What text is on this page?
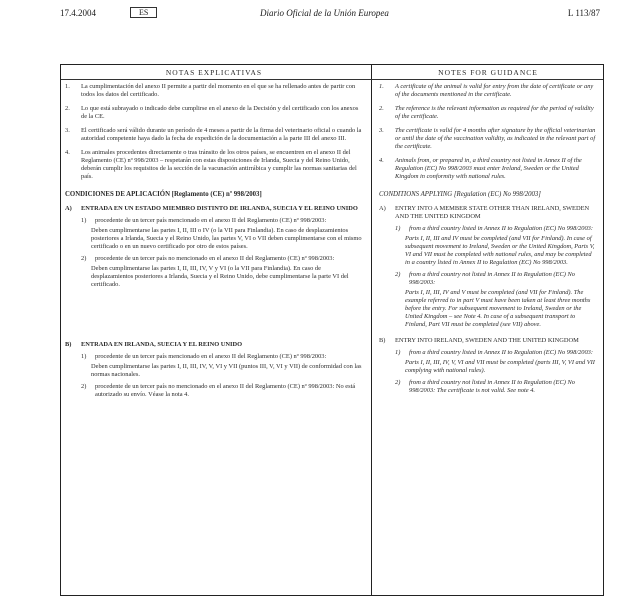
17.4.2004	ES	Diario Oficial de la Unión Europea	L 113/87
NOTAS EXPLICATIVAS
1. La cumplimentación del anexo II permite a partir del momento en el que se ha rellenado antes de partir con todos los datos del certificado.
2. Lo que está subrayado o indicado debe cumplirse en el anexo de la Decisión y del certificado con los anexos de la CE.
3. El certificado será válido durante un período de 4 meses a partir de la firma del veterinario oficial o cuando la autoridad competente haya dado la fecha de expedición de la documentación a la parte III del anexo III.
4. Los animales procedentes directamente o tras tránsito de los otros países, se encuentren en el anexo II del Reglamento (CE) nº 998/2003 – respetarán con estas disposiciones de Irlanda, Suecia y del Reino Unido, deberán cumplir los requisitos de la sección de la vacunación antirrábica y cumplir las normas sanitarias del país.
CONDICIONES DE APLICACIÓN [Reglamento (CE) nº 998/2003]
A) ENTRADA EN UN ESTADO MIEMBRO DISTINTO DE IRLANDA, SUECIA Y EL REINO UNIDO
1) procedente de un tercer país mencionado en el anexo II del Reglamento (CE) nº 998/2003:
Deben cumplimentarse las partes I, II, III o IV (o la VII para Finlandia). En caso de desplazamientos posteriores a Irlanda, Suecia y el Reino Unido, las partes V, VI o VII deben cumplimentarse con el mismo certificado o en un nuevo certificado por otro de estos países.
2) procedente de un tercer país no mencionado en el anexo II del Reglamento (CE) nº 998/2003:
Deben cumplimentarse las partes I, II, III, IV, V y VI (o la VII para Finlandia). En caso de desplazamientos posteriores a Irlanda, Suecia y el Reino Unido, debe cumplimentarse la parte VI del certificado.
B) ENTRADA EN IRLANDA, SUECIA Y EL REINO UNIDO
1) procedente de un tercer país mencionado en el anexo II del Reglamento (CE) nº 998/2003:
Deben cumplimentarse las partes I, II, III, IV, V, VI y VII (puntos III, V, VI y VII) de conformidad con las normas nacionales.
2) procedente de un tercer país no mencionado en el anexo II del Reglamento (CE) nº 998/2003: No está autorizado su envío. Véase la nota 4.
NOTES FOR GUIDANCE
1. A certificate of the animal is valid for entry from the date of certificate or any of the documents mentioned in the certificate.
2. The reference is the relevant information as required for the period of validity of the certificate.
3. The certificate is valid for 4 months after signature by the official veterinarian or until the date of the vaccination validity, as indicated in the relevant part of the certificate.
4. Animals from, or prepared in, a third country not listed in Annex II of the Regulation (EC) No 998/2003 must enter Ireland, Sweden or the United Kingdom in conformity with national rules.
CONDITIONS APPLYING [Regulation (EC) No 998/2003]
A) ENTRY INTO A MEMBER STATE OTHER THAN IRELAND, SWEDEN AND THE UNITED KINGDOM
1) from a third country listed in Annex II to Regulation (EC) No 998/2003:
Parts I, II, III and IV must be completed (and VII for Finland). In case of subsequent movement to Ireland, Sweden or the United Kingdom, Parts V, VI and VII must be completed with national rules, and may be completed in a country listed in Annex II to Regulation (EC) No 998/2003.
2) from a third country not listed in Annex II to Regulation (EC) No 998/2003:
Parts I, II, III, IV and V must be completed (and VII for Finland). The example referred to in part V must have been taken at least three months before the entry. For subsequent movement to Ireland, Sweden or the United Kingdom – see Note 4. In case of a subsequent transport to Finland, Part VII must be completed (see VII) above.
B) ENTRY INTO IRELAND, SWEDEN AND THE UNITED KINGDOM
1) from a third country listed in Annex II to Regulation (EC) No 998/2003:
Parts I, II, III, IV, V, VI and VII must be completed (parts III, V, VI and VII complying with national rules).
2) from a third country not listed in Annex II to Regulation (EC) No 998/2003: The certificate is not valid. See note 4.
